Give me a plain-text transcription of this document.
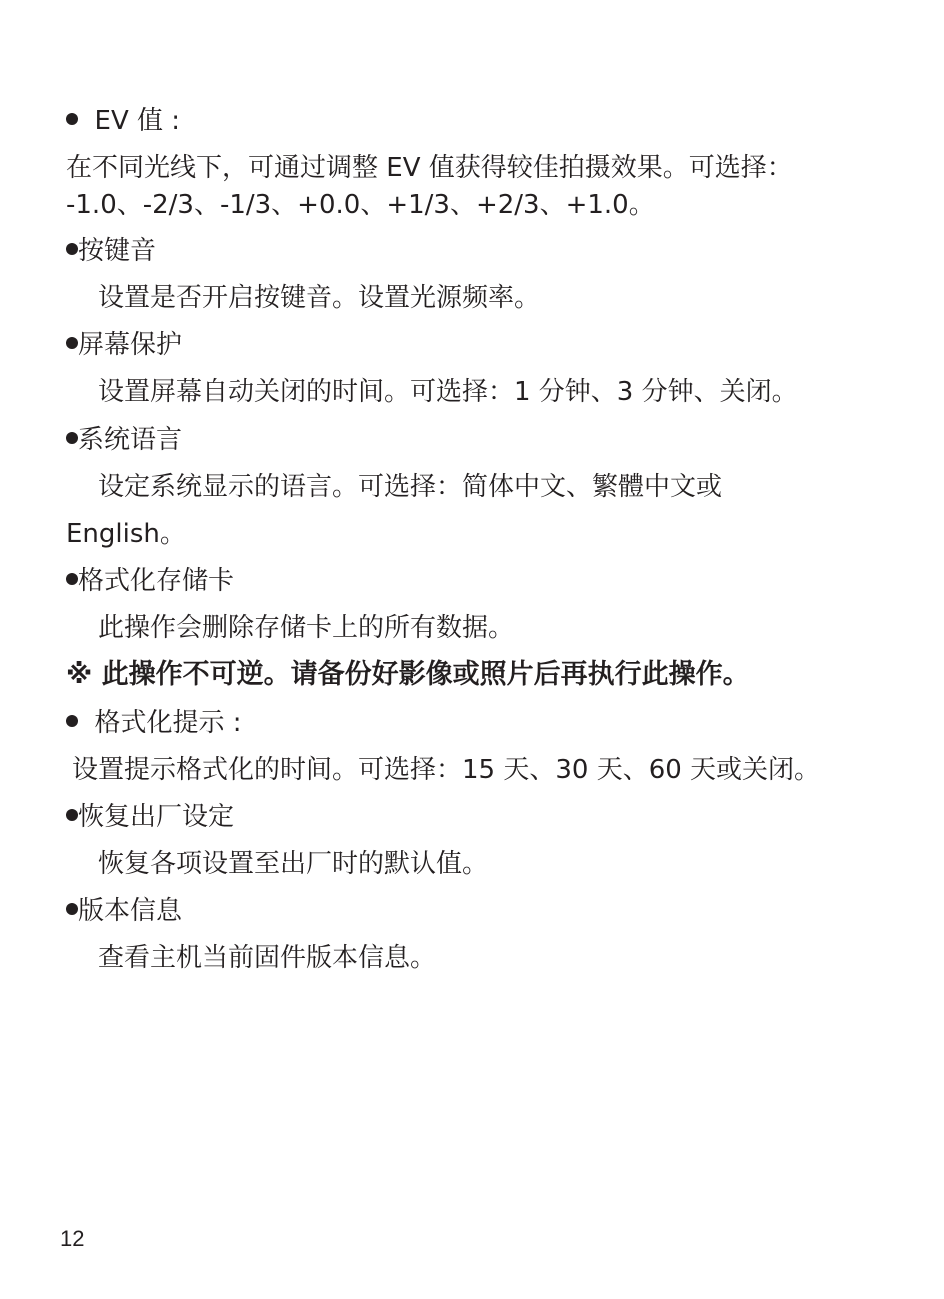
EV 值 :

在不同光线下，可通过调整 EV 值获得较佳拍摄效果。可选择：

-1.0、-2/3、-1/3、+0.0、+1/3、+2/3、+1.0。

按键音

设置是否开启按键音。设置光源频率。

屏幕保护

设置屏幕自动关闭的时间。可选择：1 分钟、3 分钟、关闭。

系统语言

设定系统显示的语言。可选择：简体中文、繁體中文或

English。

格式化存储卡

此操作会删除存储卡上的所有数据。

※ 此操作不可逆。请备份好影像或照片后再执行此操作。

格式化提示 :

设置提示格式化的时间。可选择：15 天、30 天、60 天或关闭。

恢复出厂设定

恢复各项设置至出厂时的默认值。

版本信息

查看主机当前固件版本信息。

12
